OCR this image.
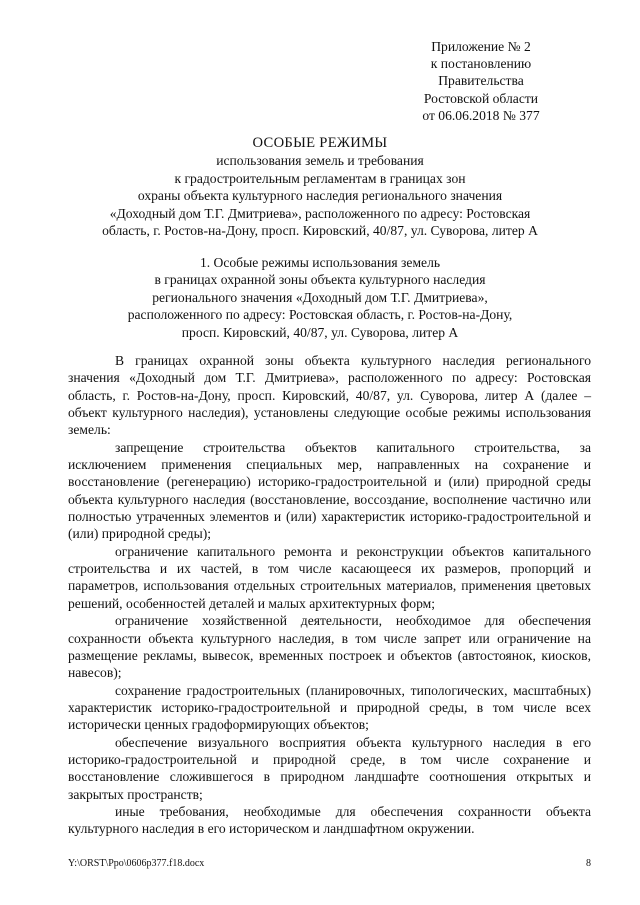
Приложение № 2
к постановлению
Правительства
Ростовской области
от 06.06.2018 № 377
ОСОБЫЕ РЕЖИМЫ
использования земель и требования
к градостроительным регламентам в границах зон
охраны объекта культурного наследия регионального значения
«Доходный дом Т.Г. Дмитриева», расположенного по адресу: Ростовская
область, г. Ростов-на-Дону, просп. Кировский, 40/87, ул. Суворова, литер А
1. Особые режимы использования земель
в границах охранной зоны объекта культурного наследия
регионального значения «Доходный дом Т.Г. Дмитриева»,
расположенного по адресу: Ростовская область, г. Ростов-на-Дону,
просп. Кировский, 40/87, ул. Суворова, литер А

В границах охранной зоны объекта культурного наследия регионального значения «Доходный дом Т.Г. Дмитриева», расположенного по адресу: Ростовская область, г. Ростов-на-Дону, просп. Кировский, 40/87, ул. Суворова, литер А (далее – объект культурного наследия), установлены следующие особые режимы использования земель:

запрещение строительства объектов капитального строительства, за исключением применения специальных мер, направленных на сохранение и восстановление (регенерацию) историко-градостроительной и (или) природной среды объекта культурного наследия (восстановление, воссоздание, восполнение частично или полностью утраченных элементов и (или) характеристик историко-градостроительной и (или) природной среды);

ограничение капитального ремонта и реконструкции объектов капитального строительства и их частей, в том числе касающееся их размеров, пропорций и параметров, использования отдельных строительных материалов, применения цветовых решений, особенностей деталей и малых архитектурных форм;

ограничение хозяйственной деятельности, необходимое для обеспечения сохранности объекта культурного наследия, в том числе запрет или ограничение на размещение рекламы, вывесок, временных построек и объектов (автостоянок, киосков, навесов);

сохранение градостроительных (планировочных, типологических, масштабных) характеристик историко-градостроительной и природной среды, в том числе всех исторически ценных градоформирующих объектов;

обеспечение визуального восприятия объекта культурного наследия в его историко-градостроительной и природной среде, в том числе сохранение и восстановление сложившегося в природном ландшафте соотношения открытых и закрытых пространств;

иные требования, необходимые для обеспечения сохранности объекта культурного наследия в его историческом и ландшафтном окружении.

Y:\ORST\Ppo\0606p377.f18.docx	8
